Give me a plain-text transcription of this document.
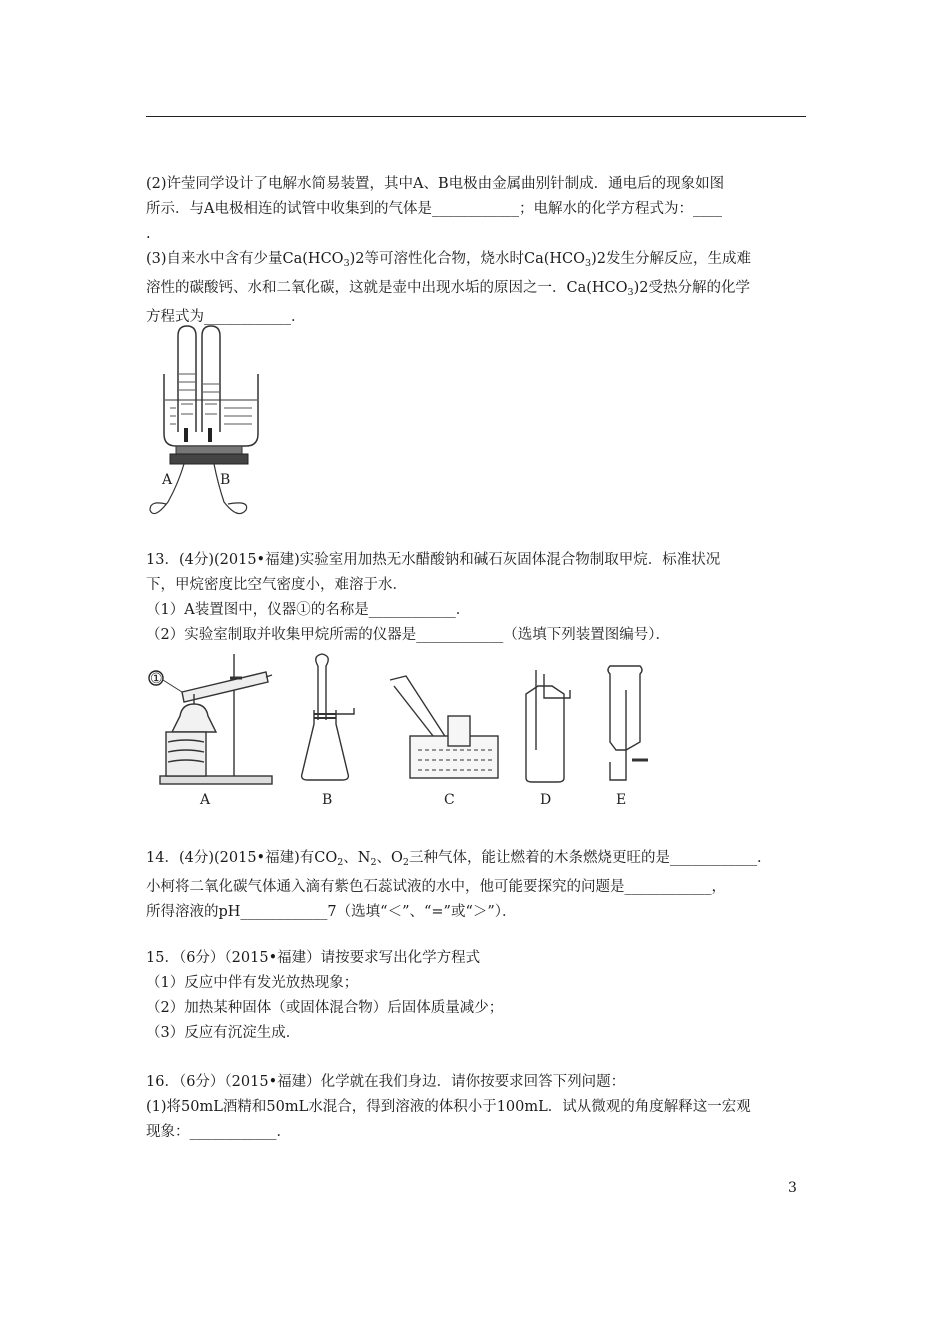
(2)许莹同学设计了电解水简易装置，其中A、B电极由金属曲别针制成．通电后的现象如图

所示．与A电极相连的试管中收集到的气体是____________；电解水的化学方程式为：____

.

(3)自来水中含有少量$Ca(HCO_3)2$等可溶性化合物，烧水时$Ca(HCO_3)2$发生分解反应，生成难

溶性的碳酸钙、水和二氧化碳，这就是壶中出现水垢的原因之一．$Ca(HCO_3)2$受热分解的化学

方程式为____________．

A	B

13．(4分)(2015•福建)实验室用加热无水醋酸钠和碱石灰固体混合物制取甲烷．标准状况

下，甲烷密度比空气密度小，难溶于水．

（1）A装置图中，仪器①的名称是____________．

（2）实验室制取并收集甲烷所需的仪器是____________（选填下列装置图编号）．

①
A	B	C	D	E

14．(4分)(2015•福建)有$CO_2$、$N_2$、$O_2$三种气体，能让燃着的木条燃烧更旺的是____________．

小柯将二氧化碳气体通入滴有紫色石蕊试液的水中，他可能要探究的问题是____________，

所得溶液的pH____________7（选填“＜”、“=”或“＞”）．

15．（6分）（2015•福建）请按要求写出化学方程式

（1）反应中伴有发光放热现象；

（2）加热某种固体（或固体混合物）后固体质量减少；

（3）反应有沉淀生成．

16．（6分）（2015•福建）化学就在我们身边．请你按要求回答下列问题：

(1)将50mL酒精和50mL水混合，得到溶液的体积小于100mL．试从微观的角度解释这一宏观

现象：____________．

3
